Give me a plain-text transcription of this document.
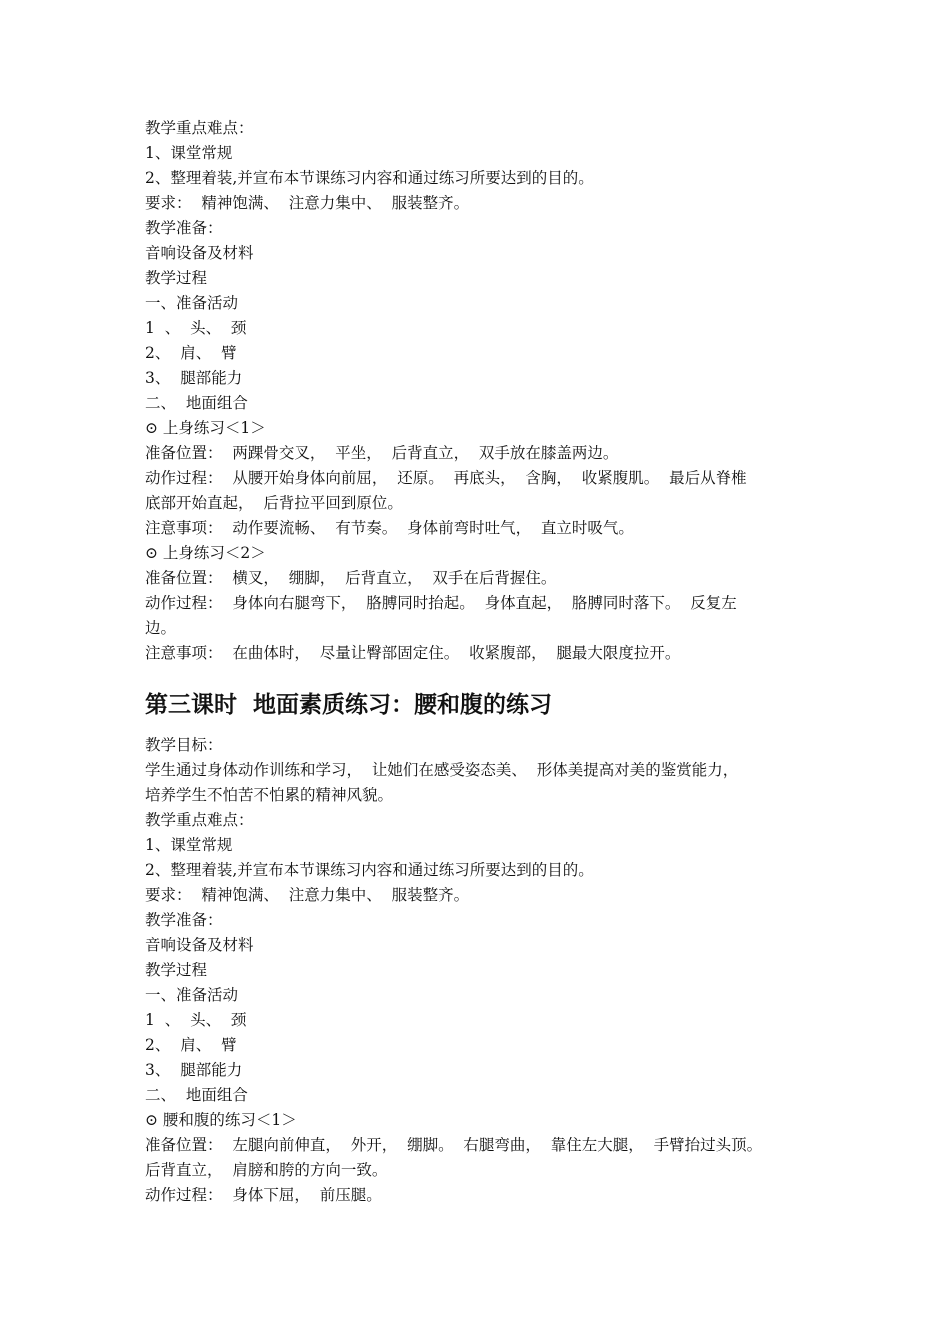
教学重点难点：

1、课堂常规

2、整理着装,并宣布本节课练习内容和通过练习所要达到的目的。

要求：  精神饱满、  注意力集中、  服装整齐。

教学准备：

音响设备及材料

教学过程

一、准备活动

1  、  头、  颈

2、  肩、  臂

3、  腿部能力

二、  地面组合

⊙ 上身练习＜1＞

准备位置：  两踝骨交叉，  平坐，  后背直立，  双手放在膝盖两边。

动作过程：  从腰开始身体向前屈，  还原。  再底头，  含胸，  收紧腹肌。  最后从脊椎

底部开始直起，  后背拉平回到原位。

注意事项：  动作要流畅、  有节奏。  身体前弯时吐气，  直立时吸气。

⊙ 上身练习＜2＞

准备位置：  横叉，  绷脚，  后背直立，  双手在后背握住。

动作过程：  身体向右腿弯下，  胳膊同时抬起。  身体直起，  胳膊同时落下。  反复左

边。

注意事项：  在曲体时，  尽量让臀部固定住。  收紧腹部，  腿最大限度拉开。

第三课时  地面素质练习：腰和腹的练习

教学目标：

学生通过身体动作训练和学习，  让她们在感受姿态美、  形体美提高对美的鉴赏能力，

培养学生不怕苦不怕累的精神风貌。

教学重点难点：

1、课堂常规

2、整理着装,并宣布本节课练习内容和通过练习所要达到的目的。

要求：  精神饱满、  注意力集中、  服装整齐。

教学准备：

音响设备及材料

教学过程

一、准备活动

1  、  头、  颈

2、  肩、  臂

3、  腿部能力

二、  地面组合

⊙ 腰和腹的练习＜1＞

准备位置：  左腿向前伸直，  外开，  绷脚。  右腿弯曲，  靠住左大腿，  手臂抬过头顶。

后背直立，  肩膀和胯的方向一致。

动作过程：  身体下屈，  前压腿。
